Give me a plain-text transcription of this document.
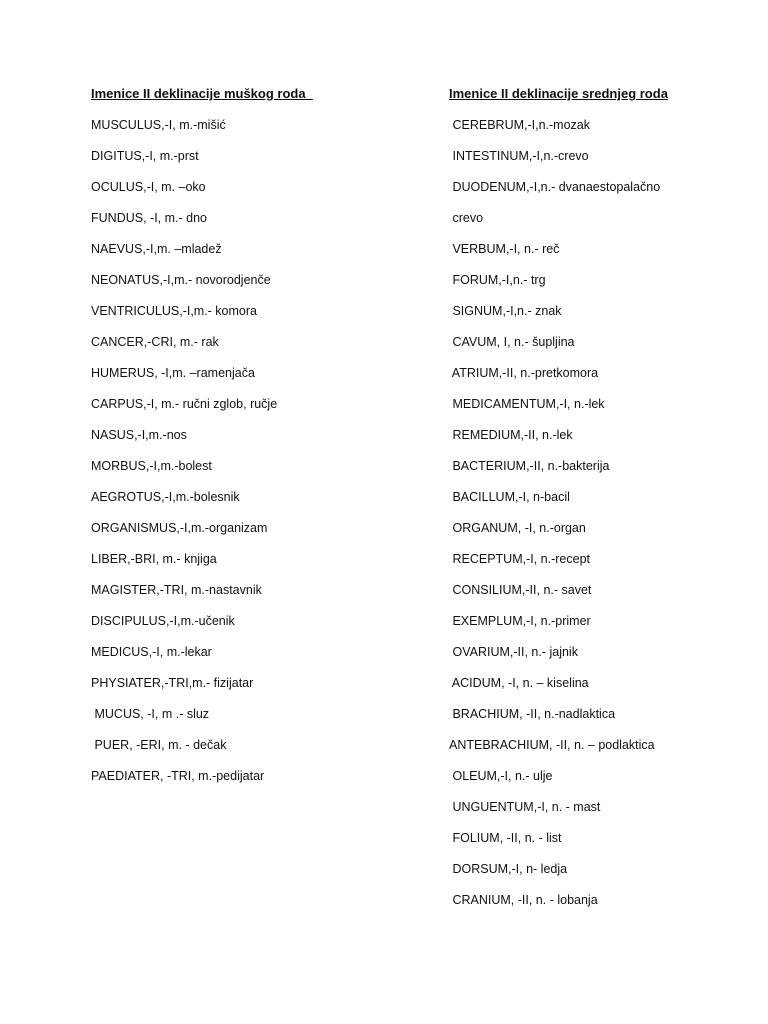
Imenice II deklinacije muškog roda
MUSCULUS,-I, m.-mišić
DIGITUS,-I, m.-prst
OCULUS,-I, m. –oko
FUNDUS, -I, m.- dno
NAEVUS,-I,m. –mladež
NEONATUS,-I,m.- novorodjenče
VENTRICULUS,-I,m.- komora
CANCER,-CRI, m.- rak
HUMERUS, -I,m. –ramenjača
CARPUS,-I, m.- ručni zglob, ručje
NASUS,-I,m.-nos
MORBUS,-I,m.-bolest
AEGROTUS,-I,m.-bolesnik
ORGANISMUS,-I,m.-organizam
LIBER,-BRI, m.- knjiga
MAGISTER,-TRI, m.-nastavnik
DISCIPULUS,-I,m.-učenik
MEDICUS,-I, m.-lekar
PHYSIATER,-TRI,m.- fizijatar
MUCUS, -I, m .- sluz
PUER, -ERI, m. - dečak
PAEDIATER, -TRI, m.-pedijatar
Imenice II deklinacije srednjeg roda
CEREBRUM,-I,n.-mozak
INTESTINUM,-I,n.-crevo
DUODENUM,-I,n.- dvanaestopalačno
crevo
VERBUM,-I, n.- reč
FORUM,-I,n.- trg
SIGNUM,-I,n.- znak
CAVUM, I, n.- šupljina
ATRIUM,-II, n.-pretkomora
MEDICAMENTUM,-I, n.-lek
REMEDIUM,-II, n.-lek
BACTERIUM,-II, n.-bakterija
BACILLUM,-I, n-bacil
ORGANUM, -I, n.-organ
RECEPTUM,-I, n.-recept
CONSILIUM,-II, n.- savet
EXEMPLUM,-I, n.-primer
OVARIUM,-II, n.- jajnik
ACIDUM, -I, n. – kiselina
BRACHIUM, -II, n.-nadlaktica
ANTEBRACHIUM, -II, n. – podlaktica
OLEUM,-I, n.- ulje
UNGUENTUM,-I, n. - mast
FOLIUM, -II, n. - list
DORSUM,-I, n- ledja
CRANIUM, -II, n. - lobanja
